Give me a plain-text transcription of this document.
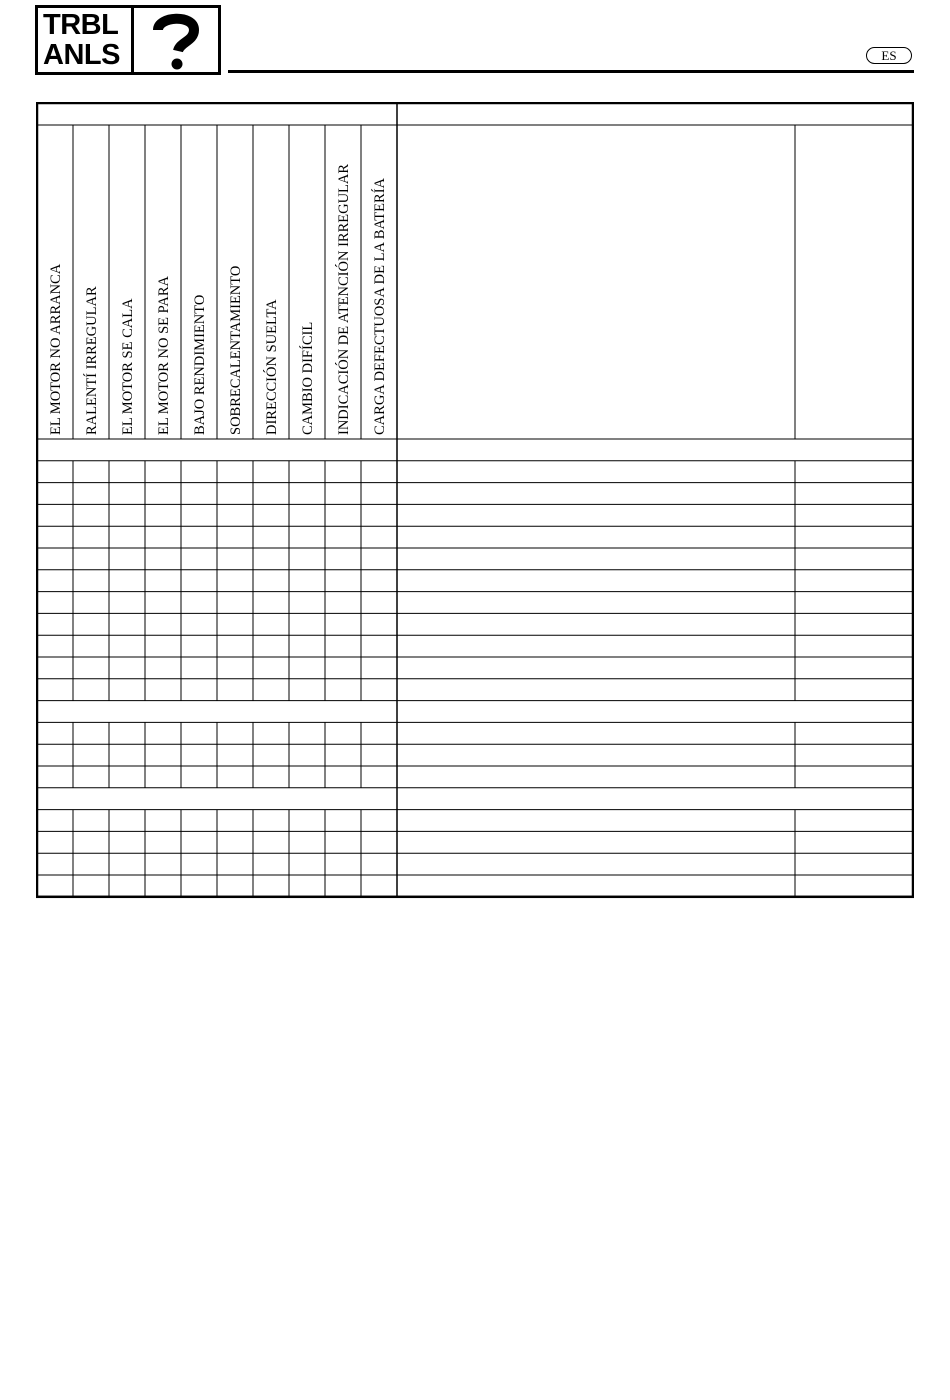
TRBL
ANLS	ES
EL MOTOR NO ARRANCA RALENTÍ IRREGULAR EL MOTOR SE CALA EL MOTOR NO SE PARA BAJO RENDIMIENTO SOBRECALENTAMIENTO DIRECCIÓN SUELTA CAMBIO DIFÍCIL INDICACIÓN DE ATENCIÓN IRREGULAR CARGA DEFECTUOSA DE LA BATERÍA
